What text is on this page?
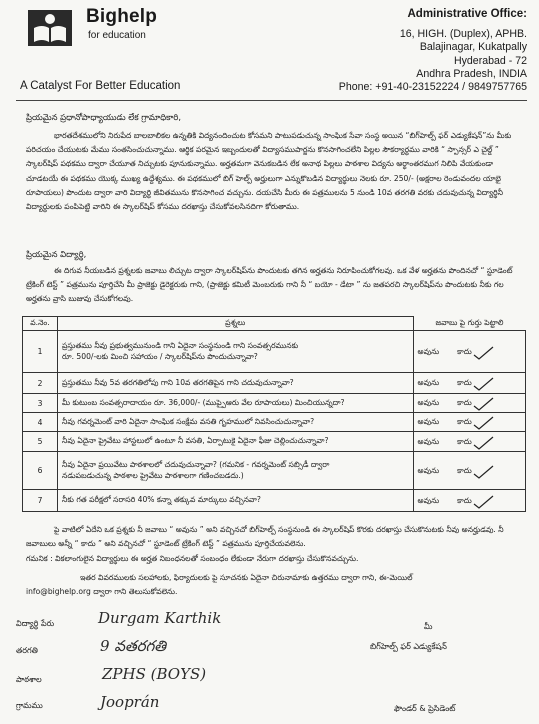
Bighelp
for education
A Catalyst For Better Education
Administrative Office:
16, HIGH. (Duplex), APHB.
Balajinagar, Kukatpally
Hyderabad - 72
Andhra Pradesh, INDIA
Phone: +91-40-23152224 / 9849757765
ప్రియమైన ప్రధానోపాధ్యాయుడు లేక గ్రామాధికారి,
భారతదేశములోని నిరుపేద బాలబాలికల ఉన్నతికి విద్యనందించుట కోసమని పాటుపడుచున్న సాంఘిక సేవా సంస్థ అయిన “బిగ్‌హెల్ప్ ఫర్ ఎడ్యుకేషన్”ను మీకు పరిచయం చేయుటకు మేము సంతసించుచున్నాము. ఆర్థిక పరమైన ఇబ్బందులతో విద్యాసముపార్జను కొనసాగించలేని పిల్లల సౌకర్యార్థము వారికి “ స్పాన్సర్ ఎ చైల్డ్ ” స్కాలర్‌షిప్ పథకము ద్వారా చేయూత నిచ్చుటకు పూనుకున్నాము. అర్హతమగా వెనుకబడిన లేక అనాథ పిల్లలు పాఠశాల విద్యను అర్థాంతరముగ నిలిపి వేయకుండా చూడటయే ఈ పథకము యొక్క ముఖ్య ఉద్దేశ్యము. ఈ పథకములో బిగ్ హెల్ప్ అర్హులుగా ఎన్నుకొబడిన విద్యార్థులు నెలకు రూ. 250/- (అక్షరాల రెండువందల యాభై రూపాయలు) పొందుట ద్వారా వారి విద్యార్థి జీవితమును కొనసాగించ వచ్చును. దయచేసి మీరు ఈ పత్రములను 5 నుండి 10వ తరగతి వరకు చదువుచున్న విద్యార్థినీ విద్యార్థులకు పంపిపెట్టి వారిని ఈ స్కాలర్‌షిప్ కోసము దరఖాస్తు చేసుకోవలసినదిగా కోరుతాము.
ప్రియమైన విద్యార్థి,
ఈ దిగువ నీయబడిన ప్రశ్నలకు జవాబు లిచ్చుట ద్వారా స్కాలర్‌షిప్‌ను పొందుటకు తగిన అర్హతను నిరూపించుకోగలవు. ఒక వేళ అర్హతను పొందినచో “ స్టూడెంట్ ట్రేకింగ్ టెస్ట్ ” పత్రమును పూర్తిచేసి మీ ప్రాజెక్టు డైరెక్టరుకు గాని, (ప్రాజెక్టు కమిటీ మెంబరుకు గాని నీ “ బయో - డేటా ” ను జతపరచి స్కాలర్‌షిప్‌ను పొందుటకు నీకు గల అర్హతను వ్రాసి బుజువు చేసుకోగలవు.
వ.నెం.	ప్రశ్నలు	జవాబు పై గుర్తు పెట్టాలి
1	ప్రస్తుతము నీవు ప్రభుత్వమునుండి గాని ఏదైనా సంస్థనుండి గాని సంవత్సరమునకు
రూ. 500/-లకు మించి సహాయం / స్కాలర్‌షిప్‌ను పొందుచున్నావా?	అవును కాదు
2	ప్రస్తుతము నీవు 5వ తరగతిలోపు గాని 10వ తరగతిపైన గాని చదువుచున్నావా?	అవును కాదు
3	మీ కుటుంబ సంవత్సరాదాయం రూ. 36,000/- (ముప్పైఆరు వేల రూపాయలు) మించియున్నదా?	అవును కాదు
4	నీవు గవర్నమెంట్ వారి ఏదైనా సాంఘిక సంక్షేమ వసతి గృహములో నివసించుచున్నావా?	అవును కాదు
5	నీవు ఏదైనా ప్రైవేటు హాస్టలులో ఉంటూ నీ వసతి, ఏర్పాటుకై ఏదైనా ఫీజు చెల్లించుచున్నావా?	అవును కాదు
6	నీవు ఏదైనా ప్రయివేటు పాఠశాలలో చదువుచున్నావా? (గమనిక - గవర్నమెంట్ సబ్సిడీ ద్వారా
నడుపబడుచున్న పాఠశాల ప్రైవేటు పాఠశాలగా గణించబడదు.)	అవును కాదు
7	నీకు గత పరీక్షలో సరాసరి 40% కన్నా తక్కువ మార్కులు వచ్చినవా?	అవును కాదు
పై వాటిలో ఏదేని ఒక ప్రశ్నకు నీ జవాబు “ అవును ” అని వచ్చినచో బిగ్‌హెల్ప్ సంస్థనుండి ఈ స్కాలర్‌షిప్ కొరకు దరఖాస్తు చేసుకొనుటకు నీవు అనర్హుడవు. నీ జవాబులు అన్నీ “ కాదు ” అని వచ్చినచో “ స్టూడెంట్ ట్రేకింగ్ టెస్ట్ ” పత్రమును పూర్తిచేయవలెను.
గమనిక : వికలాంగులైన విద్యార్థులు ఈ అర్హత నిబంధనలతో సంబంధం లేకుండా నేరుగా దరఖాస్తు చేసుకొనవచ్చును.
ఇతర వివరములకు సలహాలకు, ఫిర్యాదులకు పై సూచనకు ఏదైనా చిరునామాకు ఉత్తరము ద్వారా గాని, ఈ-మెయిల్
info@bighelp.org ద్వారా గాని తెలుసుకోవలెను.
విద్యార్థి పేరు	Durgam Karthik
తరగతి	9 వతరగతి
పాఠశాల	ZPHS (BOYS)
గ్రామము	Jooprán
మీ
బిగ్‌హెల్ప్ ఫర్ ఎడ్యుకేషన్
ఫౌండర్ & ప్రెసిడెంట్
